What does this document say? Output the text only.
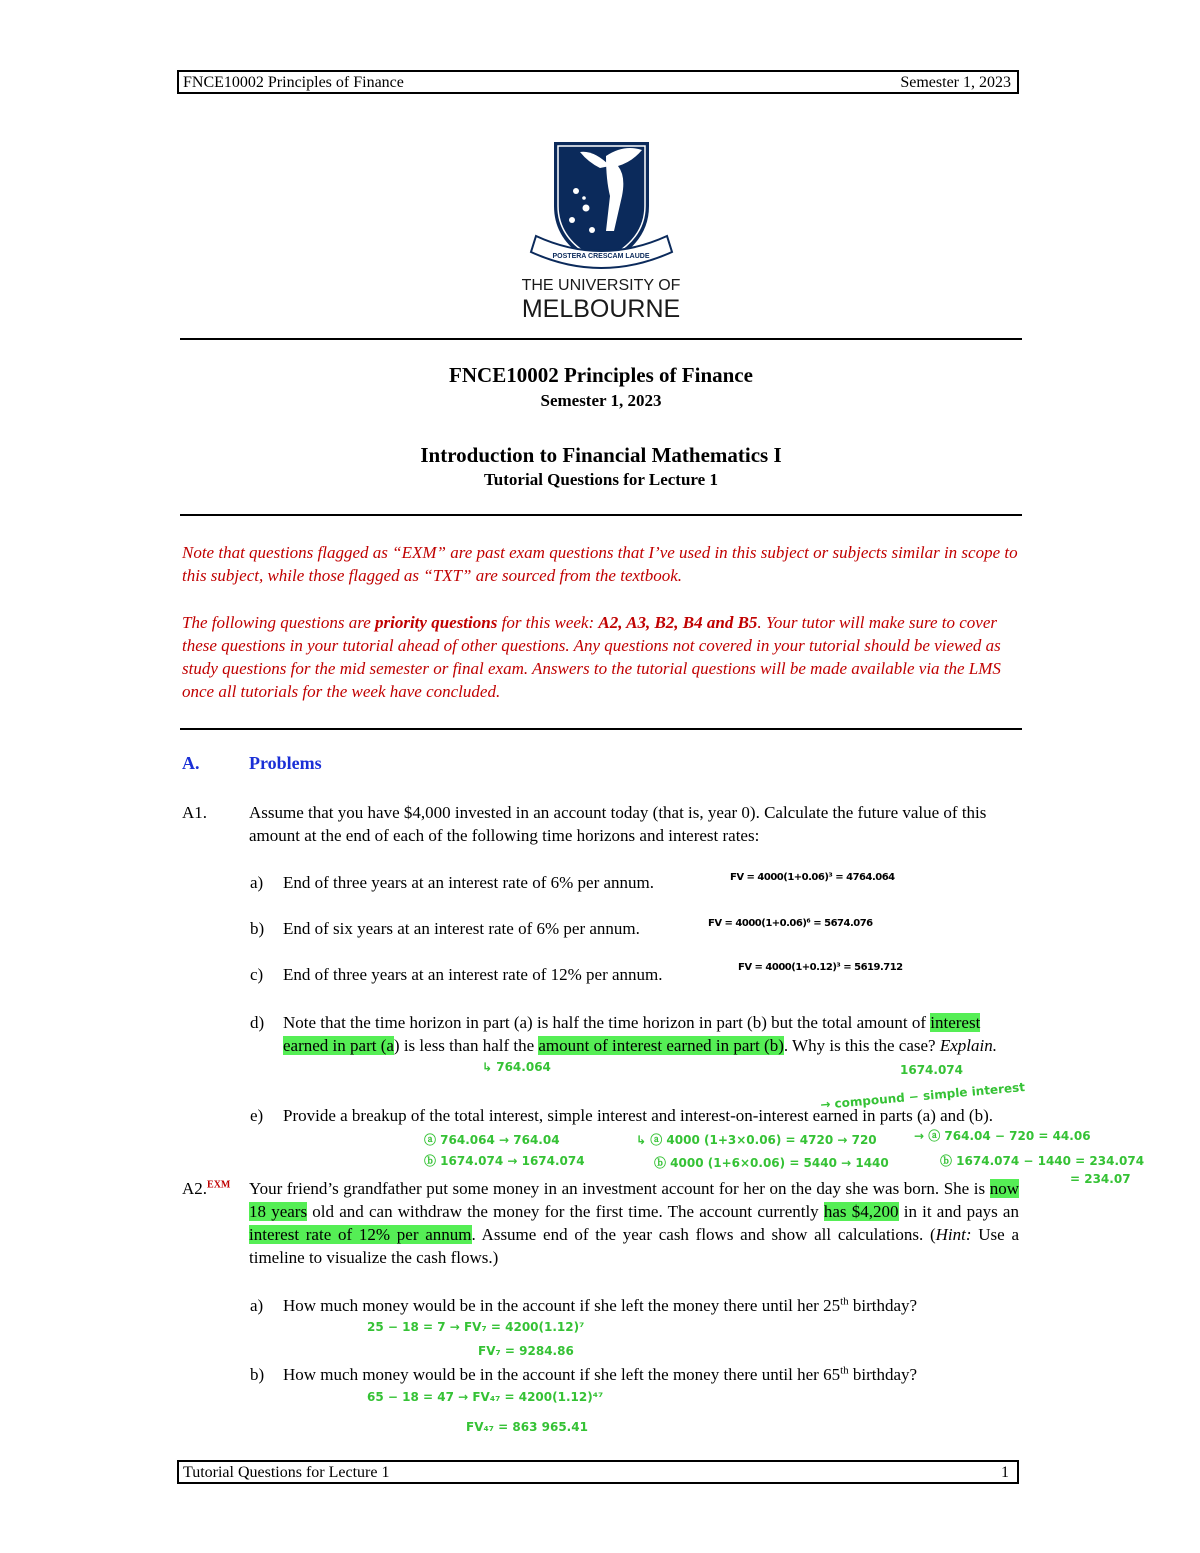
FNCE10002 Principles of Finance	Semester 1, 2023
POSTERA CRESCAM LAUDE
THE UNIVERSITY OF
MELBOURNE
FNCE10002 Principles of Finance
Semester 1, 2023
Introduction to Financial Mathematics I
Tutorial Questions for Lecture 1
Note that questions flagged as “EXM” are past exam questions that I’ve used in this subject or subjects similar in scope to this subject, while those flagged as “TXT” are sourced from the textbook.
The following questions are priority questions for this week: A2, A3, B2, B4 and B5. Your tutor will make sure to cover these questions in your tutorial ahead of other questions. Any questions not covered in your tutorial should be viewed as study questions for the mid semester or final exam. Answers to the tutorial questions will be made available via the LMS once all tutorials for the week have concluded.
A.	Problems
A1. Assume that you have $4,000 invested in an account today (that is, year 0). Calculate the future value of this amount at the end of each of the following time horizons and interest rates:
a) End of three years at an interest rate of 6% per annum.	FV = 4000(1+0.06)³ = 4764.064
b) End of six years at an interest rate of 6% per annum.	FV = 4000(1+0.06)⁶ = 5674.076
c) End of three years at an interest rate of 12% per annum.	FV = 4000(1+0.12)³ = 5619.712
d) Note that the time horizon in part (a) is half the time horizon in part (b) but the total amount of interest earned in part (a) is less than half the amount of interest earned in part (b). Why is this the case? Explain.
↳ 764.064	1674.074
→ compound − simple interest
e) Provide a breakup of the total interest, simple interest and interest-on-interest earned in parts (a) and (b).
ⓐ 764.064 → 764.04
ⓑ 1674.074 → 1674.074
↳ ⓐ 4000 (1+3×0.06) = 4720 → 720
ⓑ 4000 (1+6×0.06) = 5440 → 1440
→ ⓐ 764.04 − 720 = 44.06
ⓑ 1674.074 − 1440 = 234.074
= 234.07
A2.$^{EXM}$ Your friend’s grandfather put some money in an investment account for her on the day she was born. She is now 18 years old and can withdraw the money for the first time. The account currently has $4,200 in it and pays an interest rate of 12% per annum. Assume end of the year cash flows and show all calculations. (Hint: Use a timeline to visualize the cash flows.)
a) How much money would be in the account if she left the money there until her 25th birthday?
25 − 18 = 7 → FV₇ = 4200(1.12)⁷
FV₇ = 9284.86
b) How much money would be in the account if she left the money there until her 65th birthday?
65 − 18 = 47 → FV₄₇ = 4200(1.12)⁴⁷
FV₄₇ = 863 965.41
Tutorial Questions for Lecture 1	1
